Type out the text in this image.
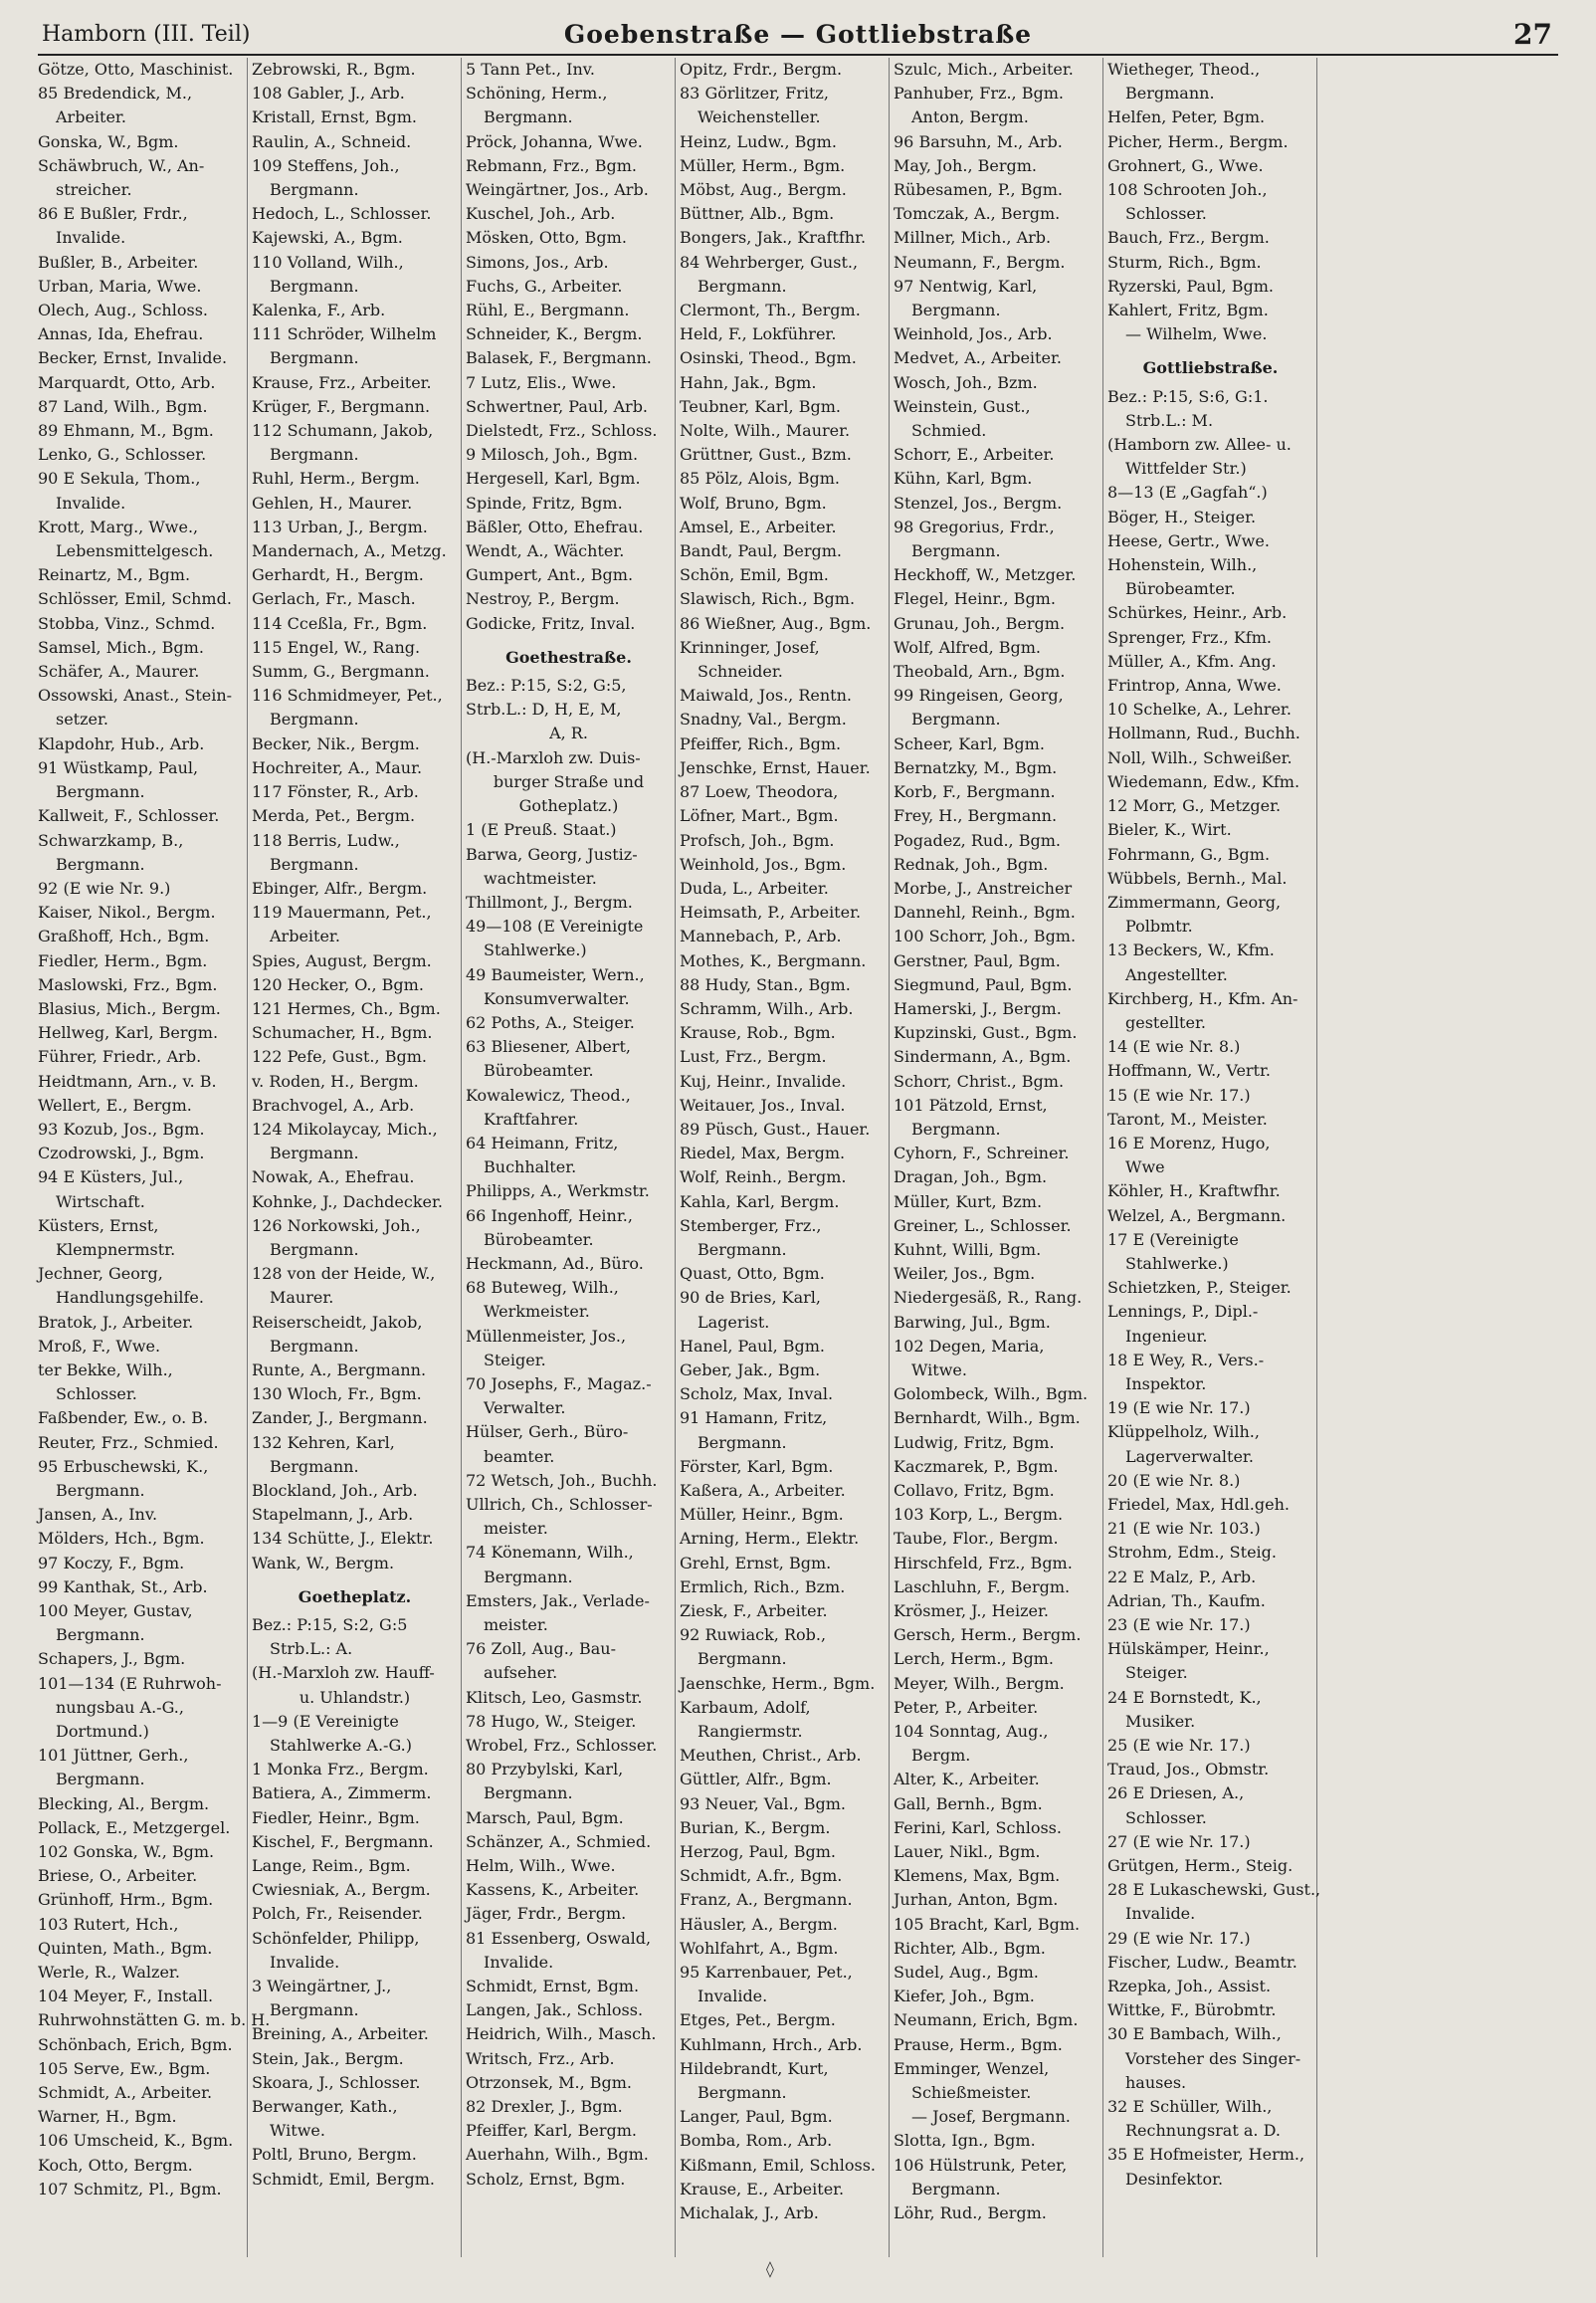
Hamborn (III. Teil)	Goebenstraße — Gottliebstraße	27
Götze, Otto, Maschinist.
85 Bredendick, M.,
Arbeiter.
Gonska, W., Bgm.
Schäwbruch, W., An-
streicher.
86 E Bußler, Frdr.,
Invalide.
Bußler, B., Arbeiter.
Urban, Maria, Wwe.
Olech, Aug., Schloss.
Annas, Ida, Ehefrau.
Becker, Ernst, Invalide.
Marquardt, Otto, Arb.
87 Land, Wilh., Bgm.
89 Ehmann, M., Bgm.
Lenko, G., Schlosser.
90 E Sekula, Thom.,
Invalide.
Krott, Marg., Wwe.,
Lebensmittelgesch.
Reinartz, M., Bgm.
Schlösser, Emil, Schmd.
Stobba, Vinz., Schmd.
Samsel, Mich., Bgm.
Schäfer, A., Maurer.
Ossowski, Anast., Stein-
setzer.
Klapdohr, Hub., Arb.
91 Wüstkamp, Paul,
Bergmann.
Kallweit, F., Schlosser.
Schwarzkamp, B.,
Bergmann.
92 (E wie Nr. 9.)
Kaiser, Nikol., Bergm.
Graßhoff, Hch., Bgm.
Fiedler, Herm., Bgm.
Maslowski, Frz., Bgm.
Blasius, Mich., Bergm.
Hellweg, Karl, Bergm.
Führer, Friedr., Arb.
Heidtmann, Arn., v. B.
Wellert, E., Bergm.
93 Kozub, Jos., Bgm.
Czodrowski, J., Bgm.
94 E Küsters, Jul.,
Wirtschaft.
Küsters, Ernst,
Klempnermstr.
Jechner, Georg,
Handlungsgehilfe.
Bratok, J., Arbeiter.
Mroß, F., Wwe.
ter Bekke, Wilh.,
Schlosser.
Faßbender, Ew., o. B.
Reuter, Frz., Schmied.
95 Erbuschewski, K.,
Bergmann.
Jansen, A., Inv.
Mölders, Hch., Bgm.
97 Koczy, F., Bgm.
99 Kanthak, St., Arb.
100 Meyer, Gustav,
Bergmann.
Schapers, J., Bgm.
101—134 (E Ruhrwoh-
nungsbau A.-G.,
Dortmund.)
101 Jüttner, Gerh.,
Bergmann.
Blecking, Al., Bergm.
Pollack, E., Metzgergel.
102 Gonska, W., Bgm.
Briese, O., Arbeiter.
Grünhoff, Hrm., Bgm.
103 Rutert, Hch.,
Quinten, Math., Bgm.
Werle, R., Walzer.
104 Meyer, F., Install.
Ruhrwohnstätten G. m. b. H.
Schönbach, Erich, Bgm.
105 Serve, Ew., Bgm.
Schmidt, A., Arbeiter.
Warner, H., Bgm.
106 Umscheid, K., Bgm.
Koch, Otto, Bergm.
107 Schmitz, Pl., Bgm.
Zebrowski, R., Bgm.
108 Gabler, J., Arb.
Kristall, Ernst, Bgm.
Raulin, A., Schneid.
109 Steffens, Joh.,
Bergmann.
Hedoch, L., Schlosser.
Kajewski, A., Bgm.
110 Volland, Wilh.,
Bergmann.
Kalenka, F., Arb.
111 Schröder, Wilhelm
Bergmann.
Krause, Frz., Arbeiter.
Krüger, F., Bergmann.
112 Schumann, Jakob,
Bergmann.
Ruhl, Herm., Bergm.
Gehlen, H., Maurer.
113 Urban, J., Bergm.
Mandernach, A., Metzg.
Gerhardt, H., Bergm.
Gerlach, Fr., Masch.
114 Cceßla, Fr., Bgm.
115 Engel, W., Rang.
Summ, G., Bergmann.
116 Schmidmeyer, Pet.,
Bergmann.
Becker, Nik., Bergm.
Hochreiter, A., Maur.
117 Fönster, R., Arb.
Merda, Pet., Bergm.
118 Berris, Ludw.,
Bergmann.
Ebinger, Alfr., Bergm.
119 Mauermann, Pet.,
Arbeiter.
Spies, August, Bergm.
120 Hecker, O., Bgm.
121 Hermes, Ch., Bgm.
Schumacher, H., Bgm.
122 Pefe, Gust., Bgm.
v. Roden, H., Bergm.
Brachvogel, A., Arb.
124 Mikolaycay, Mich.,
Bergmann.
Nowak, A., Ehefrau.
Kohnke, J., Dachdecker.
126 Norkowski, Joh.,
Bergmann.
128 von der Heide, W.,
Maurer.
Reiserscheidt, Jakob,
Bergmann.
Runte, A., Bergmann.
130 Wloch, Fr., Bgm.
Zander, J., Bergmann.
132 Kehren, Karl,
Bergmann.
Blockland, Joh., Arb.
Stapelmann, J., Arb.
134 Schütte, J., Elektr.
Wank, W., Bergm.
Goetheplatz.
Bez.: P:15, S:2, G:5
Strb.L.: A.
(H.-Marxloh zw. Hauff-
u. Uhlandstr.)
1—9 (E Vereinigte
Stahlwerke A.-G.)
1 Monka Frz., Bergm.
Batiera, A., Zimmerm.
Fiedler, Heinr., Bgm.
Kischel, F., Bergmann.
Lange, Reim., Bgm.
Cwiesniak, A., Bergm.
Polch, Fr., Reisender.
Schönfelder, Philipp,
Invalide.
3 Weingärtner, J.,
Bergmann.
Breining, A., Arbeiter.
Stein, Jak., Bergm.
Skoara, J., Schlosser.
Berwanger, Kath.,
Witwe.
Poltl, Bruno, Bergm.
Schmidt, Emil, Bergm.
5 Tann Pet., Inv.
Schöning, Herm.,
Bergmann.
Pröck, Johanna, Wwe.
Rebmann, Frz., Bgm.
Weingärtner, Jos., Arb.
Kuschel, Joh., Arb.
Mösken, Otto, Bgm.
Simons, Jos., Arb.
Fuchs, G., Arbeiter.
Rühl, E., Bergmann.
Schneider, K., Bergm.
Balasek, F., Bergmann.
7 Lutz, Elis., Wwe.
Schwertner, Paul, Arb.
Dielstedt, Frz., Schloss.
9 Milosch, Joh., Bgm.
Hergesell, Karl, Bgm.
Spinde, Fritz, Bgm.
Bäßler, Otto, Ehefrau.
Wendt, A., Wächter.
Gumpert, Ant., Bgm.
Nestroy, P., Bergm.
Godicke, Fritz, Inval.
Goethestraße.
Bez.: P:15, S:2, G:5,
Strb.L.: D, H, E, M,
A, R.
(H.-Marxloh zw. Duis-
burger Straße und
Gotheplatz.)
1 (E Preuß. Staat.)
Barwa, Georg, Justiz-
wachtmeister.
Thillmont, J., Bergm.
49—108 (E Vereinigte
Stahlwerke.)
49 Baumeister, Wern.,
Konsumverwalter.
62 Poths, A., Steiger.
63 Bliesener, Albert,
Bürobeamter.
Kowalewicz, Theod.,
Kraftfahrer.
64 Heimann, Fritz,
Buchhalter.
Philipps, A., Werkmstr.
66 Ingenhoff, Heinr.,
Bürobeamter.
Heckmann, Ad., Büro.
68 Buteweg, Wilh.,
Werkmeister.
Müllenmeister, Jos.,
Steiger.
70 Josephs, F., Magaz.-
Verwalter.
Hülser, Gerh., Büro-
beamter.
72 Wetsch, Joh., Buchh.
Ullrich, Ch., Schlosser-
meister.
74 Könemann, Wilh.,
Bergmann.
Emsters, Jak., Verlade-
meister.
76 Zoll, Aug., Bau-
aufseher.
Klitsch, Leo, Gasmstr.
78 Hugo, W., Steiger.
Wrobel, Frz., Schlosser.
80 Przybylski, Karl,
Bergmann.
Marsch, Paul, Bgm.
Schänzer, A., Schmied.
Helm, Wilh., Wwe.
Kassens, K., Arbeiter.
Jäger, Frdr., Bergm.
81 Essenberg, Oswald,
Invalide.
Schmidt, Ernst, Bgm.
Langen, Jak., Schloss.
Heidrich, Wilh., Masch.
Writsch, Frz., Arb.
Otrzonsek, M., Bgm.
82 Drexler, J., Bgm.
Pfeiffer, Karl, Bergm.
Auerhahn, Wilh., Bgm.
Scholz, Ernst, Bgm.
Opitz, Frdr., Bergm.
83 Görlitzer, Fritz,
Weichensteller.
Heinz, Ludw., Bgm.
Müller, Herm., Bgm.
Möbst, Aug., Bergm.
Büttner, Alb., Bgm.
Bongers, Jak., Kraftfhr.
84 Wehrberger, Gust.,
Bergmann.
Clermont, Th., Bergm.
Held, F., Lokführer.
Osinski, Theod., Bgm.
Hahn, Jak., Bgm.
Teubner, Karl, Bgm.
Nolte, Wilh., Maurer.
Grüttner, Gust., Bzm.
85 Pölz, Alois, Bgm.
Wolf, Bruno, Bgm.
Amsel, E., Arbeiter.
Bandt, Paul, Bergm.
Schön, Emil, Bgm.
Slawisch, Rich., Bgm.
86 Wießner, Aug., Bgm.
Krinninger, Josef,
Schneider.
Maiwald, Jos., Rentn.
Snadny, Val., Bergm.
Pfeiffer, Rich., Bgm.
Jenschke, Ernst, Hauer.
87 Loew, Theodora,
Löfner, Mart., Bgm.
Profsch, Joh., Bgm.
Weinhold, Jos., Bgm.
Duda, L., Arbeiter.
Heimsath, P., Arbeiter.
Mannebach, P., Arb.
Mothes, K., Bergmann.
88 Hudy, Stan., Bgm.
Schramm, Wilh., Arb.
Krause, Rob., Bgm.
Lust, Frz., Bergm.
Kuj, Heinr., Invalide.
Weitauer, Jos., Inval.
89 Püsch, Gust., Hauer.
Riedel, Max, Bergm.
Wolf, Reinh., Bergm.
Kahla, Karl, Bergm.
Stemberger, Frz.,
Bergmann.
Quast, Otto, Bgm.
90 de Bries, Karl,
Lagerist.
Hanel, Paul, Bgm.
Geber, Jak., Bgm.
Scholz, Max, Inval.
91 Hamann, Fritz,
Bergmann.
Förster, Karl, Bgm.
Kaßera, A., Arbeiter.
Müller, Heinr., Bgm.
Arning, Herm., Elektr.
Grehl, Ernst, Bgm.
Ermlich, Rich., Bzm.
Ziesk, F., Arbeiter.
92 Ruwiack, Rob.,
Bergmann.
Jaenschke, Herm., Bgm.
Karbaum, Adolf,
Rangiermstr.
Meuthen, Christ., Arb.
Güttler, Alfr., Bgm.
93 Neuer, Val., Bgm.
Burian, K., Bergm.
Herzog, Paul, Bgm.
Schmidt, A.fr., Bgm.
Franz, A., Bergmann.
Häusler, A., Bergm.
Wohlfahrt, A., Bgm.
95 Karrenbauer, Pet.,
Invalide.
Etges, Pet., Bergm.
Kuhlmann, Hrch., Arb.
Hildebrandt, Kurt,
Bergmann.
Langer, Paul, Bgm.
Bomba, Rom., Arb.
Kißmann, Emil, Schloss.
Krause, E., Arbeiter.
Michalak, J., Arb.
Szulc, Mich., Arbeiter.
Panhuber, Frz., Bgm.
Anton, Bergm.
96 Barsuhn, M., Arb.
May, Joh., Bergm.
Rübesamen, P., Bgm.
Tomczak, A., Bergm.
Millner, Mich., Arb.
Neumann, F., Bergm.
97 Nentwig, Karl,
Bergmann.
Weinhold, Jos., Arb.
Medvet, A., Arbeiter.
Wosch, Joh., Bzm.
Weinstein, Gust.,
Schmied.
Schorr, E., Arbeiter.
Kühn, Karl, Bgm.
Stenzel, Jos., Bergm.
98 Gregorius, Frdr.,
Bergmann.
Heckhoff, W., Metzger.
Flegel, Heinr., Bgm.
Grunau, Joh., Bergm.
Wolf, Alfred, Bgm.
Theobald, Arn., Bgm.
99 Ringeisen, Georg,
Bergmann.
Scheer, Karl, Bgm.
Bernatzky, M., Bgm.
Korb, F., Bergmann.
Frey, H., Bergmann.
Pogadez, Rud., Bgm.
Rednak, Joh., Bgm.
Morbe, J., Anstreicher
Dannehl, Reinh., Bgm.
100 Schorr, Joh., Bgm.
Gerstner, Paul, Bgm.
Siegmund, Paul, Bgm.
Hamerski, J., Bergm.
Kupzinski, Gust., Bgm.
Sindermann, A., Bgm.
Schorr, Christ., Bgm.
101 Pätzold, Ernst,
Bergmann.
Cyhorn, F., Schreiner.
Dragan, Joh., Bgm.
Müller, Kurt, Bzm.
Greiner, L., Schlosser.
Kuhnt, Willi, Bgm.
Weiler, Jos., Bgm.
Niedergesäß, R., Rang.
Barwing, Jul., Bgm.
102 Degen, Maria,
Witwe.
Golombeck, Wilh., Bgm.
Bernhardt, Wilh., Bgm.
Ludwig, Fritz, Bgm.
Kaczmarek, P., Bgm.
Collavo, Fritz, Bgm.
103 Korp, L., Bergm.
Taube, Flor., Bergm.
Hirschfeld, Frz., Bgm.
Laschluhn, F., Bergm.
Krösmer, J., Heizer.
Gersch, Herm., Bergm.
Lerch, Herm., Bgm.
Meyer, Wilh., Bergm.
Peter, P., Arbeiter.
104 Sonntag, Aug.,
Bergm.
Alter, K., Arbeiter.
Gall, Bernh., Bgm.
Ferini, Karl, Schloss.
Lauer, Nikl., Bgm.
Klemens, Max, Bgm.
Jurhan, Anton, Bgm.
105 Bracht, Karl, Bgm.
Richter, Alb., Bgm.
Sudel, Aug., Bgm.
Kiefer, Joh., Bgm.
Neumann, Erich, Bgm.
Prause, Herm., Bgm.
Emminger, Wenzel,
Schießmeister.
— Josef, Bergmann.
Slotta, Ign., Bgm.
106 Hülstrunk, Peter,
Bergmann.
Löhr, Rud., Bergm.
Wietheger, Theod.,
Bergmann.
Helfen, Peter, Bgm.
Picher, Herm., Bergm.
Grohnert, G., Wwe.
108 Schrooten Joh.,
Schlosser.
Bauch, Frz., Bergm.
Sturm, Rich., Bgm.
Ryzerski, Paul, Bgm.
Kahlert, Fritz, Bgm.
— Wilhelm, Wwe.
Gottliebstraße.
Bez.: P:15, S:6, G:1.
Strb.L.: M.
(Hamborn zw. Allee- u.
Wittfelder Str.)
8—13 (E „Gagfah“.)
Böger, H., Steiger.
Heese, Gertr., Wwe.
Hohenstein, Wilh.,
Bürobeamter.
Schürkes, Heinr., Arb.
Sprenger, Frz., Kfm.
Müller, A., Kfm. Ang.
Frintrop, Anna, Wwe.
10 Schelke, A., Lehrer.
Hollmann, Rud., Buchh.
Noll, Wilh., Schweißer.
Wiedemann, Edw., Kfm.
12 Morr, G., Metzger.
Bieler, K., Wirt.
Fohrmann, G., Bgm.
Wübbels, Bernh., Mal.
Zimmermann, Georg,
Polbmtr.
13 Beckers, W., Kfm.
Angestellter.
Kirchberg, H., Kfm. An-
gestellter.
14 (E wie Nr. 8.)
Hoffmann, W., Vertr.
15 (E wie Nr. 17.)
Taront, M., Meister.
16 E Morenz, Hugo,
Wwe
Köhler, H., Kraftwfhr.
Welzel, A., Bergmann.
17 E (Vereinigte
Stahlwerke.)
Schietzken, P., Steiger.
Lennings, P., Dipl.-
Ingenieur.
18 E Wey, R., Vers.-
Inspektor.
19 (E wie Nr. 17.)
Klüppelholz, Wilh.,
Lagerverwalter.
20 (E wie Nr. 8.)
Friedel, Max, Hdl.geh.
21 (E wie Nr. 103.)
Strohm, Edm., Steig.
22 E Malz, P., Arb.
Adrian, Th., Kaufm.
23 (E wie Nr. 17.)
Hülskämper, Heinr.,
Steiger.
24 E Bornstedt, K.,
Musiker.
25 (E wie Nr. 17.)
Traud, Jos., Obmstr.
26 E Driesen, A.,
Schlosser.
27 (E wie Nr. 17.)
Grütgen, Herm., Steig.
28 E Lukaschewski, Gust.,
Invalide.
29 (E wie Nr. 17.)
Fischer, Ludw., Beamtr.
Rzepka, Joh., Assist.
Wittke, F., Bürobmtr.
30 E Bambach, Wilh.,
Vorsteher des Singer-
hauses.
32 E Schüller, Wilh.,
Rechnungsrat a. D.
35 E Hofmeister, Herm.,
Desinfektor.
◊
